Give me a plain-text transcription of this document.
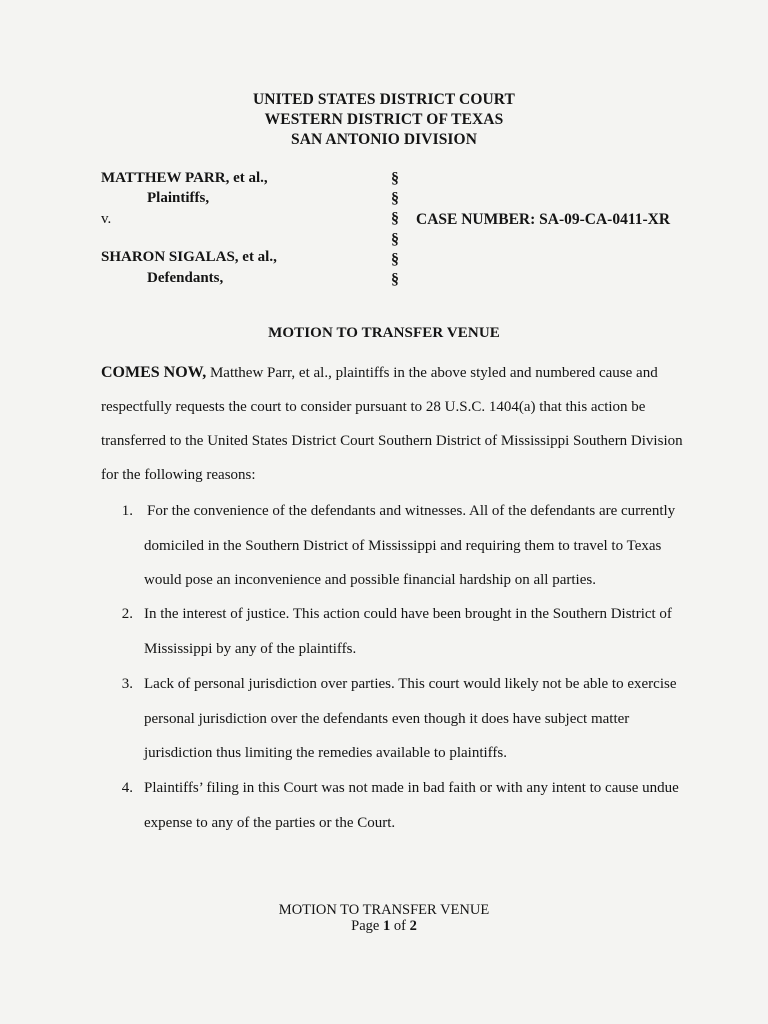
UNITED STATES DISTRICT COURT
WESTERN DISTRICT OF TEXAS
SAN ANTONIO DIVISION
MATTHEW PARR, et al.,
Plaintiffs,
v.
SHARON SIGALAS, et al.,
Defendants,
§
§
§
§
§
§
CASE NUMBER: SA-09-CA-0411-XR
MOTION TO TRANSFER VENUE
COMES NOW, Matthew Parr, et al., plaintiffs in the above styled and numbered cause and
respectfully requests the court to consider pursuant to 28 U.S.C. 1404(a) that this action be
transferred to the United States District Court Southern District of Mississippi Southern Division
for the following reasons:
1. For the convenience of the defendants and witnesses. All of the defendants are currently
domiciled in the Southern District of Mississippi and requiring them to travel to Texas
would pose an inconvenience and possible financial hardship on all parties.
2. In the interest of justice. This action could have been brought in the Southern District of
Mississippi by any of the plaintiffs.
3. Lack of personal jurisdiction over parties. This court would likely not be able to exercise
personal jurisdiction over the defendants even though it does have subject matter
jurisdiction thus limiting the remedies available to plaintiffs.
4. Plaintiffs’ filing in this Court was not made in bad faith or with any intent to cause undue
expense to any of the parties or the Court.
MOTION TO TRANSFER VENUE
Page 1 of 2
